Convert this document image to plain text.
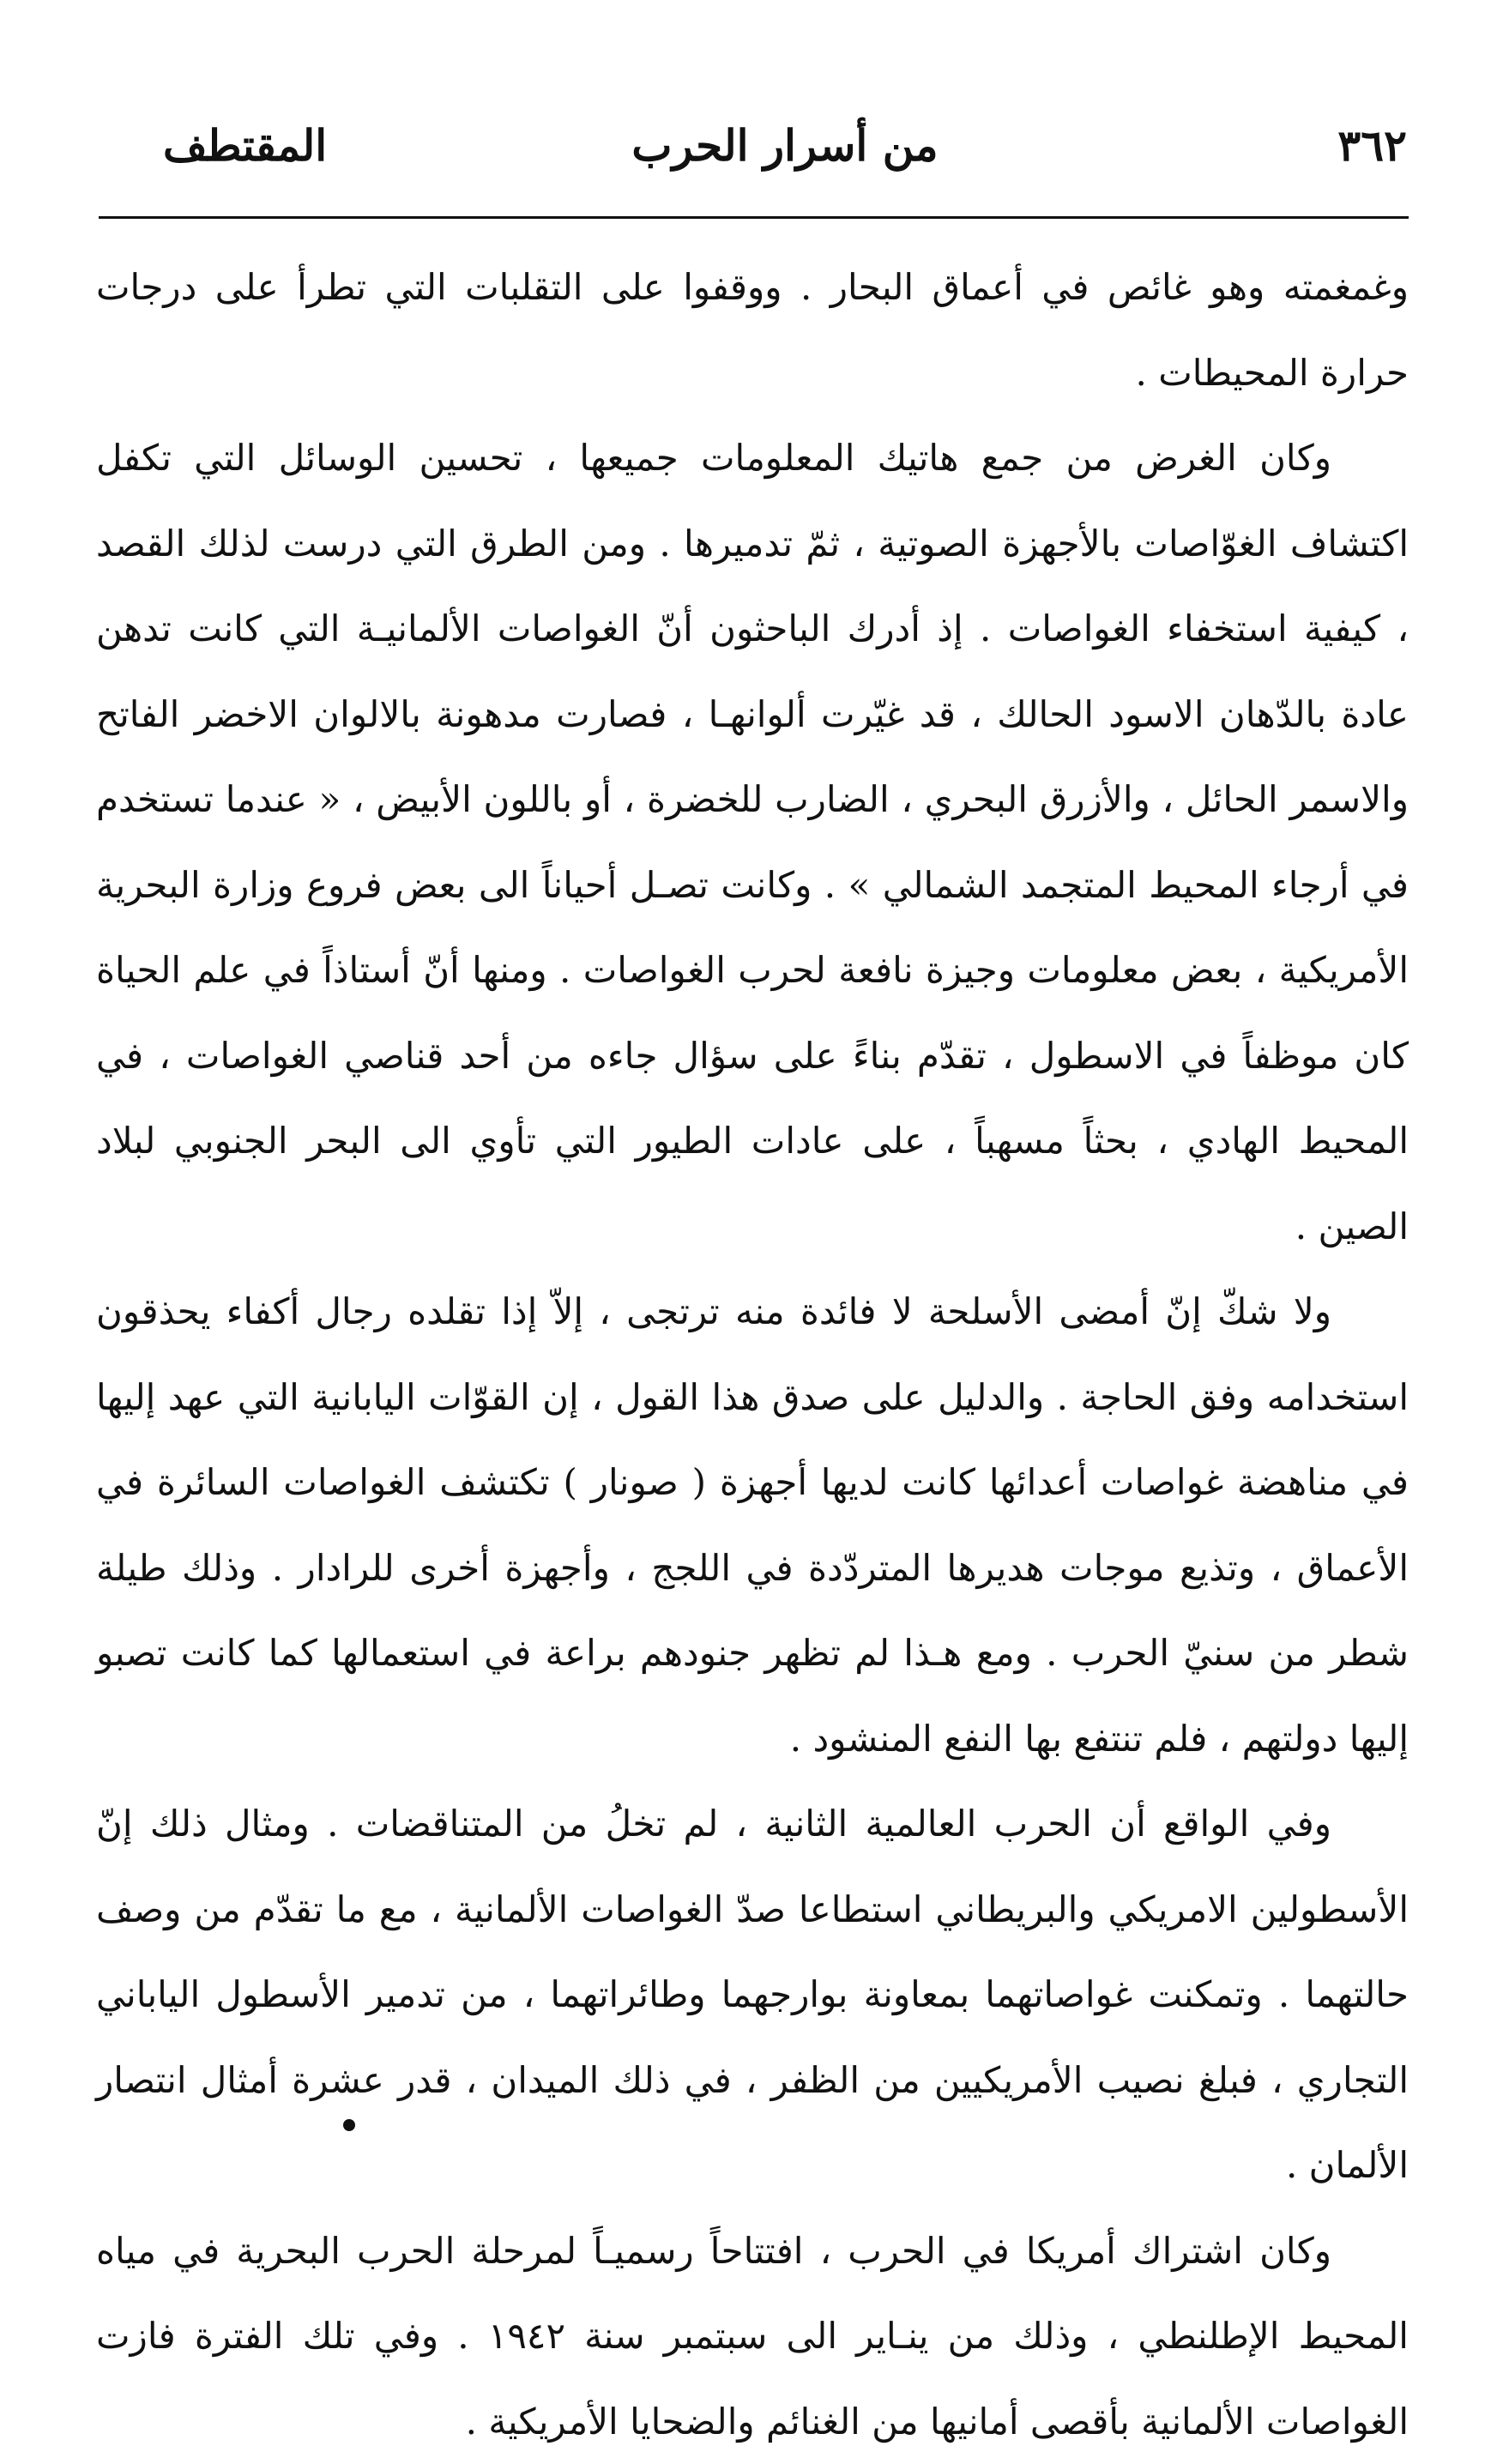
٣٦٢
من أسرار الحرب
المقتطف

وغمغمته وهو غائص في أعماق البحار . ووقفوا على التقلبات التي تطرأ على درجات حرارة المحيطات .

وكان الغرض من جمع هاتيك المعلومات جميعها ، تحسين الوسائل التي تكفل اكتشاف الغوّاصات بالأجهزة الصوتية ، ثمّ تدميرها . ومن الطرق التي درست لذلك القصد ، كيفية استخفاء الغواصات . إذ أدرك الباحثون أنّ الغواصات الألمانيـة التي كانت تدهن عادة بالدّهان الاسود الحالك ، قد غيّرت ألوانهـا ، فصارت مدهونة بالالوان الاخضر الفاتح والاسمر الحائل ، والأزرق البحري ، الضارب للخضرة ، أو باللون الأبيض ، « عندما تستخدم في أرجاء المحيط المتجمد الشمالي » . وكانت تصـل أحياناً الى بعض فروع وزارة البحرية الأمريكية ، بعض معلومات وجيزة نافعة لحرب الغواصات . ومنها أنّ أستاذاً في علم الحياة كان موظفاً في الاسطول ، تقدّم بناءً على سؤال جاءه من أحد قناصي الغواصات ، في المحيط الهادي ، بحثاً مسهباً ، على عادات الطيور التي تأوي الى البحر الجنوبي لبلاد الصين .

ولا شكّ إنّ أمضى الأسلحة لا فائدة منه ترتجى ، إلاّ إذا تقلده رجال أكفاء يحذقون استخدامه وفق الحاجة . والدليل على صدق هذا القول ، إن القوّات اليابانية التي عهد إليها في مناهضة غواصات أعدائها كانت لديها أجهزة ( صونار ) تكتشف الغواصات السائرة في الأعماق ، وتذيع موجات هديرها المتردّدة في اللجج ، وأجهزة أخرى للرادار . وذلك طيلة شطر من سنيّ الحرب . ومع هـذا لم تظهر جنودهم براعة في استعمالها كما كانت تصبو إليها دولتهم ، فلم تنتفع بها النفع المنشود .

وفي الواقع أن الحرب العالمية الثانية ، لم تخلُ من المتناقضات . ومثال ذلك إنّ الأسطولين الامريكي والبريطاني استطاعا صدّ الغواصات الألمانية ، مع ما تقدّم من وصف حالتهما . وتمكنت غواصاتهما بمعاونة بوارجهما وطائراتهما ، من تدمير الأسطول الياباني التجاري ، فبلغ نصيب الأمريكيين من الظفر ، في ذلك الميدان ، قدر عشرة أمثال انتصار الألمان .

وكان اشتراك أمريكا في الحرب ، افتتاحاً رسميـاً لمرحلة الحرب البحرية في مياه المحيط الإطلنطي ، وذلك من ينـاير الى سبتمبر سنة ١٩٤٢ . وفي تلك الفترة فازت الغواصات الألمانية بأقصى أمانيها من الغنائم والضحايا الأمريكية .
